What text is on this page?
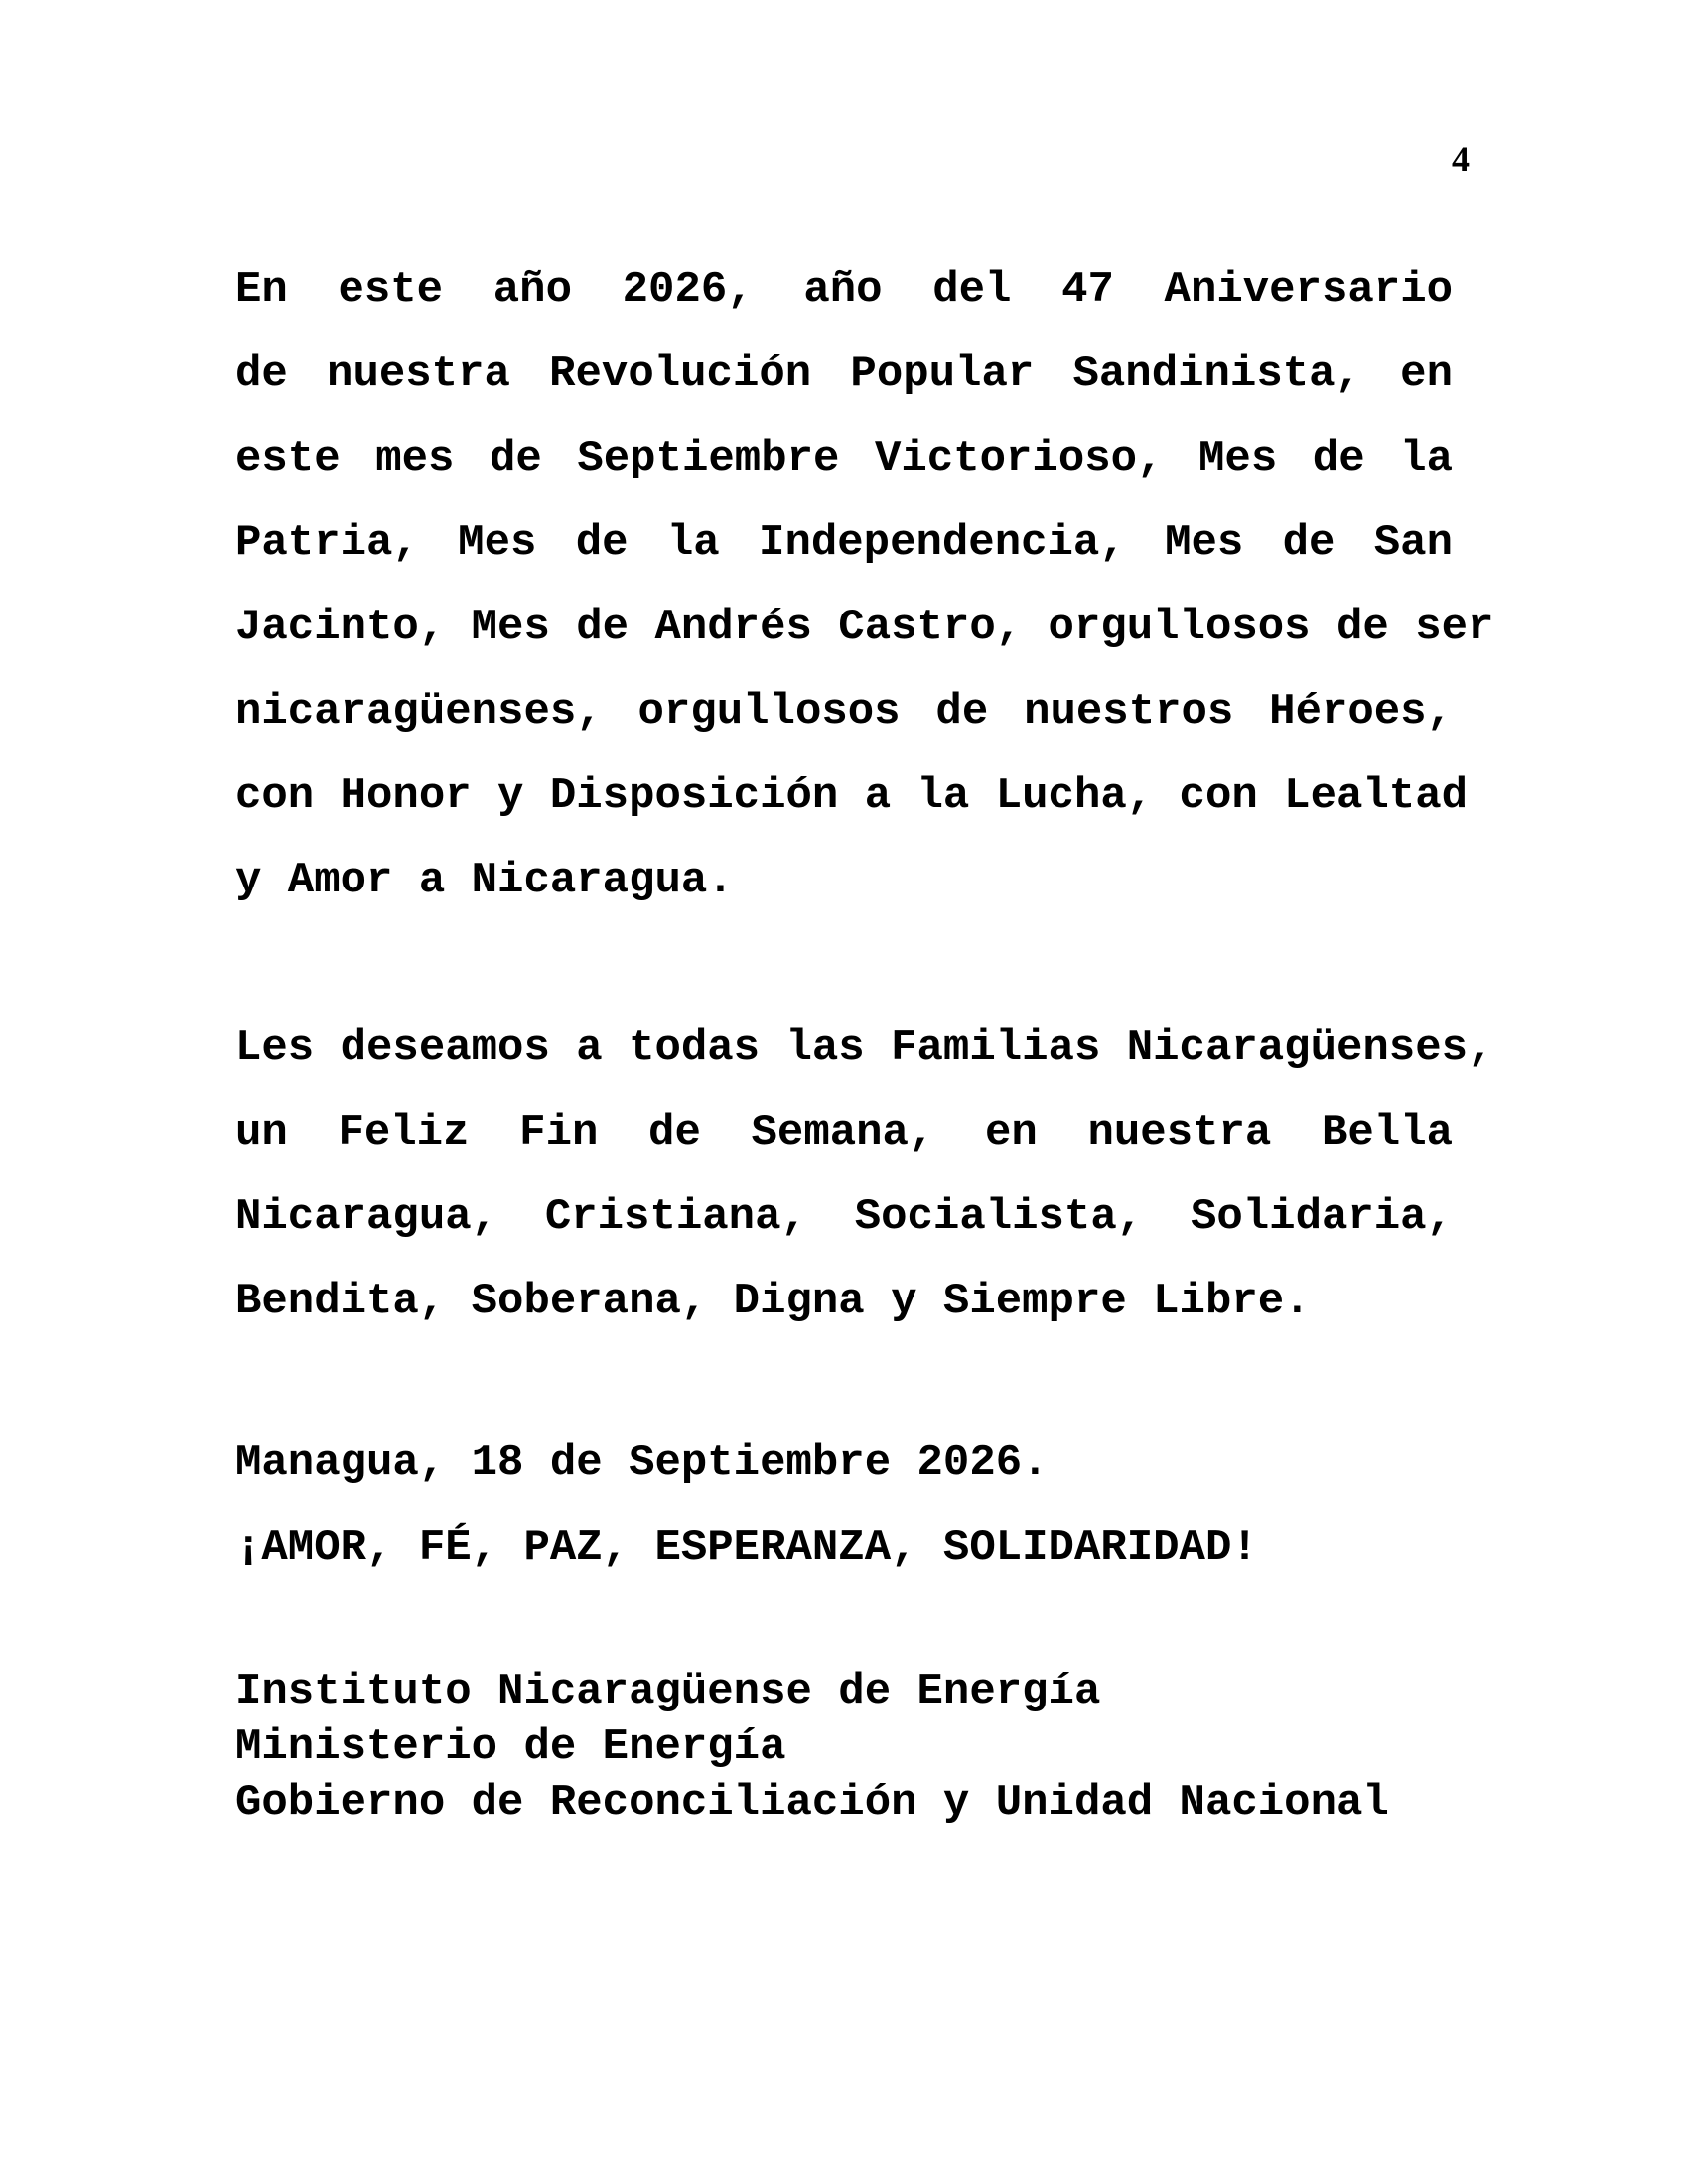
4
En este año 2026, año del 47 Aniversario
de nuestra Revolución Popular Sandinista, en
este mes de Septiembre Victorioso, Mes de la
Patria, Mes de la Independencia, Mes de San
Jacinto, Mes de Andrés Castro, orgullosos de ser
nicaragüenses, orgullosos de nuestros Héroes,
con Honor y Disposición a la Lucha, con Lealtad
y Amor a Nicaragua.
Les deseamos a todas las Familias Nicaragüenses,
un Feliz Fin de Semana, en nuestra Bella
Nicaragua, Cristiana, Socialista, Solidaria,
Bendita, Soberana, Digna y Siempre Libre.
Managua, 18 de Septiembre 2026.
¡AMOR, FÉ, PAZ, ESPERANZA, SOLIDARIDAD!
Instituto Nicaragüense de Energía
Ministerio de Energía
Gobierno de Reconciliación y Unidad Nacional
